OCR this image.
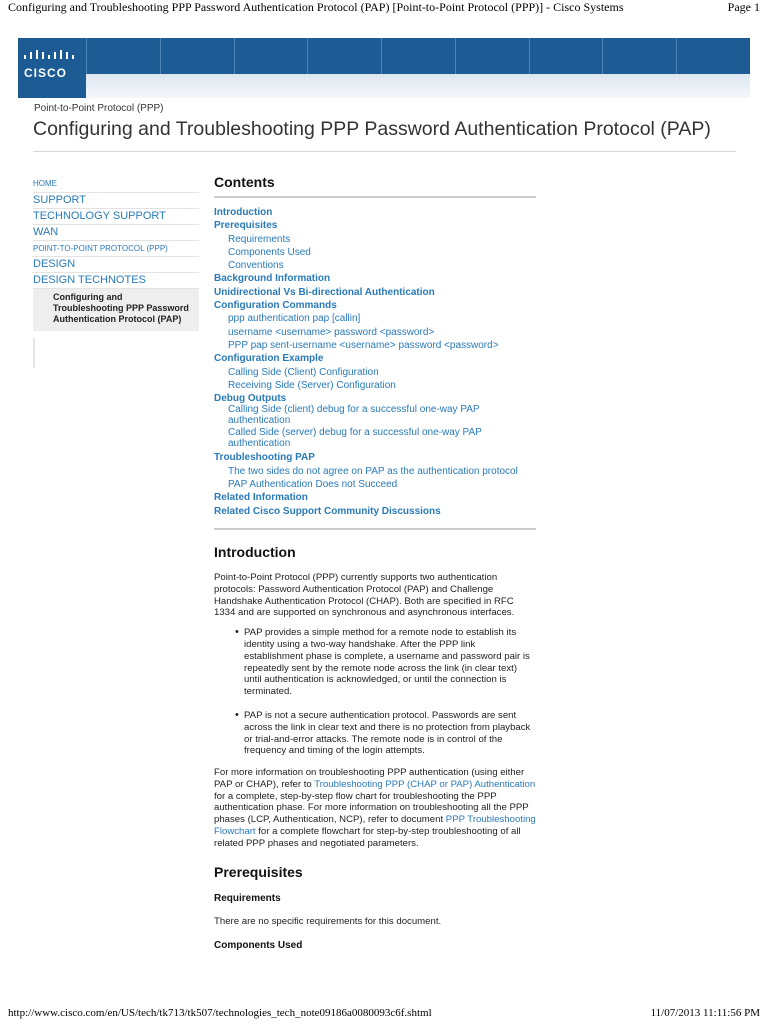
Configuring and Troubleshooting PPP Password Authentication Protocol (PAP) [Point-to-Point Protocol (PPP)] - Cisco Systems	Page 1
CISCO
Point-to-Point Protocol (PPP)
Configuring and Troubleshooting PPP Password Authentication Protocol (PAP)
HOME
SUPPORT
TECHNOLOGY SUPPORT
WAN
POINT-TO-POINT PROTOCOL (PPP)
DESIGN
DESIGN TECHNOTES
Configuring and Troubleshooting PPP Password Authentication Protocol (PAP)
Contents
Introduction
Prerequisites
Requirements
Components Used
Conventions
Background Information
Unidirectional Vs Bi-directional Authentication
Configuration Commands
ppp authentication pap [callin]
username <username> password <password>
PPP pap sent-username <username> password <password>
Configuration Example
Calling Side (Client) Configuration
Receiving Side (Server) Configuration
Debug Outputs
Calling Side (client) debug for a successful one-way PAP authentication
Called Side (server) debug for a successful one-way PAP authentication
Troubleshooting PAP
The two sides do not agree on PAP as the authentication protocol
PAP Authentication Does not Succeed
Related Information
Related Cisco Support Community Discussions
Introduction

Point-to-Point Protocol (PPP) currently supports two authentication protocols: Password Authentication Protocol (PAP) and Challenge Handshake Authentication Protocol (CHAP). Both are specified in RFC 1334 and are supported on synchronous and asynchronous interfaces.

• PAP provides a simple method for a remote node to establish its identity using a two-way handshake. After the PPP link establishment phase is complete, a username and password pair is repeatedly sent by the remote node across the link (in clear text) until authentication is acknowledged, or until the connection is terminated.
• PAP is not a secure authentication protocol. Passwords are sent across the link in clear text and there is no protection from playback or trial-and-error attacks. The remote node is in control of the frequency and timing of the login attempts.

For more information on troubleshooting PPP authentication (using either PAP or CHAP), refer to Troubleshooting PPP (CHAP or PAP) Authentication for a complete, step-by-step flow chart for troubleshooting the PPP authentication phase. For more information on troubleshooting all the PPP phases (LCP, Authentication, NCP), refer to document PPP Troubleshooting Flowchart for a complete flowchart for step-by-step troubleshooting of all related PPP phases and negotiated parameters.

Prerequisites
Requirements

There are no specific requirements for this document.

Components Used
http://www.cisco.com/en/US/tech/tk713/tk507/technologies_tech_note09186a0080093c6f.shtml	11/07/2013 11:11:56 PM
